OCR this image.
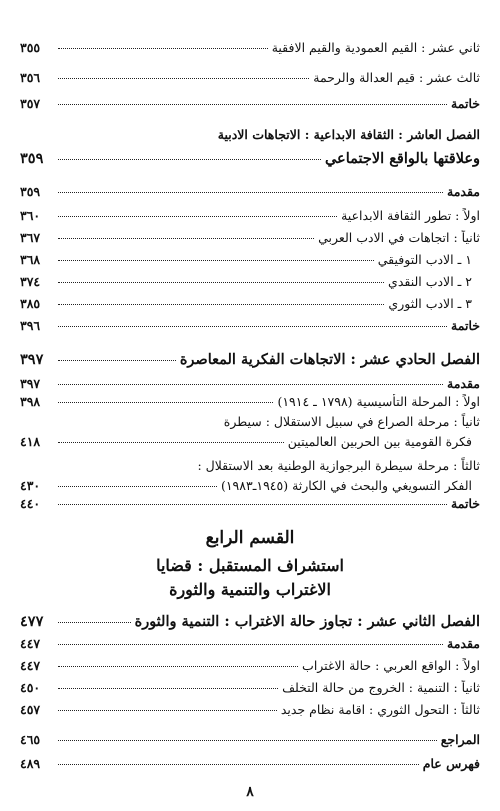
ثاني عشر : القيم العمودية والقيم الافقية
٣٥٥
ثالث عشر : قيم العدالة والرحمة
٣٥٦
خاتمة
٣٥٧
الفصل العاشر : الثقافة الابداعية : الاتجاهات الادبية
وعلاقتها بالواقع الاجتماعي
٣٥٩
مقدمة
٣٥٩
اولاً : تطور الثقافة الابداعية
٣٦٠
ثانياً : اتجاهات في الادب العربي
٣٦٧
١ ـ الادب التوفيقي
٣٦٨
٢ ـ الادب النقدي
٣٧٤
٣ ـ الادب الثوري
٣٨٥
خاتمة
٣٩٦
الفصل الحادي عشر : الاتجاهات الفكرية المعاصرة
٣٩٧
مقدمة
٣٩٧
اولاً : المرحلة التأسيسية (١٧٩٨ ـ ١٩١٤)
٣٩٨
ثانياً : مرحلة الصراع في سبيل الاستقلال : سيطرة
فكرة القومية بين الحربين العالميتين
٤١٨
ثالثاً : مرحلة سيطرة البرجوازية الوطنية بعد الاستقلال :
الفكر التسويغي والبحث في الكارثة (١٩٤٥ـ١٩٨٣)
٤٣٠
خاتمة
٤٤٠
القسم الرابع
استشراف المستقبل : قضايا
الاغتراب والتنمية والثورة
الفصل الثاني عشر : تجاوز حالة الاغتراب : التنمية والثورة
٤٧٧
مقدمة
٤٤٧
اولاً : الواقع العربي : حالة الاغتراب
٤٤٧
ثانياً : التنمية : الخروج من حالة التخلف
٤٥٠
ثالثاً : التحول الثوري : اقامة نظام جديد
٤٥٧
المراجع
٤٦٥
فهرس عام
٤٨٩
٨
